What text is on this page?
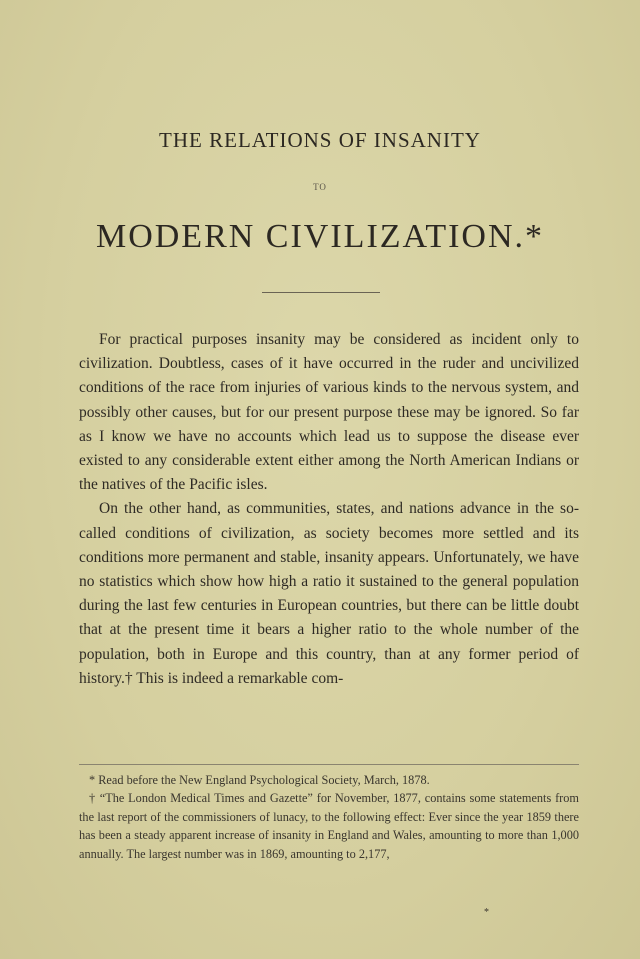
THE RELATIONS OF INSANITY
TO
MODERN CIVILIZATION.*

For practical purposes insanity may be considered as incident only to civilization. Doubtless, cases of it have occurred in the ruder and uncivilized conditions of the race from injuries of various kinds to the nervous system, and possibly other causes, but for our present purpose these may be ignored. So far as I know we have no accounts which lead us to suppose the disease ever existed to any considerable extent either among the North American Indians or the natives of the Pacific isles.

On the other hand, as communities, states, and nations advance in the so-called conditions of civilization, as society becomes more settled and its conditions more permanent and stable, insanity appears. Unfortunately, we have no statistics which show how high a ratio it sustained to the general population during the last few centuries in European countries, but there can be little doubt that at the present time it bears a higher ratio to the whole number of the population, both in Europe and this country, than at any former period of history.† This is indeed a remarkable com-

* Read before the New England Psychological Society, March, 1878.

† “The London Medical Times and Gazette” for November, 1877, contains some statements from the last report of the commissioners of lunacy, to the following effect: Ever since the year 1859 there has been a steady apparent increase of insanity in England and Wales, amounting to more than 1,000 annually. The largest number was in 1869, amounting to 2,177,

*
